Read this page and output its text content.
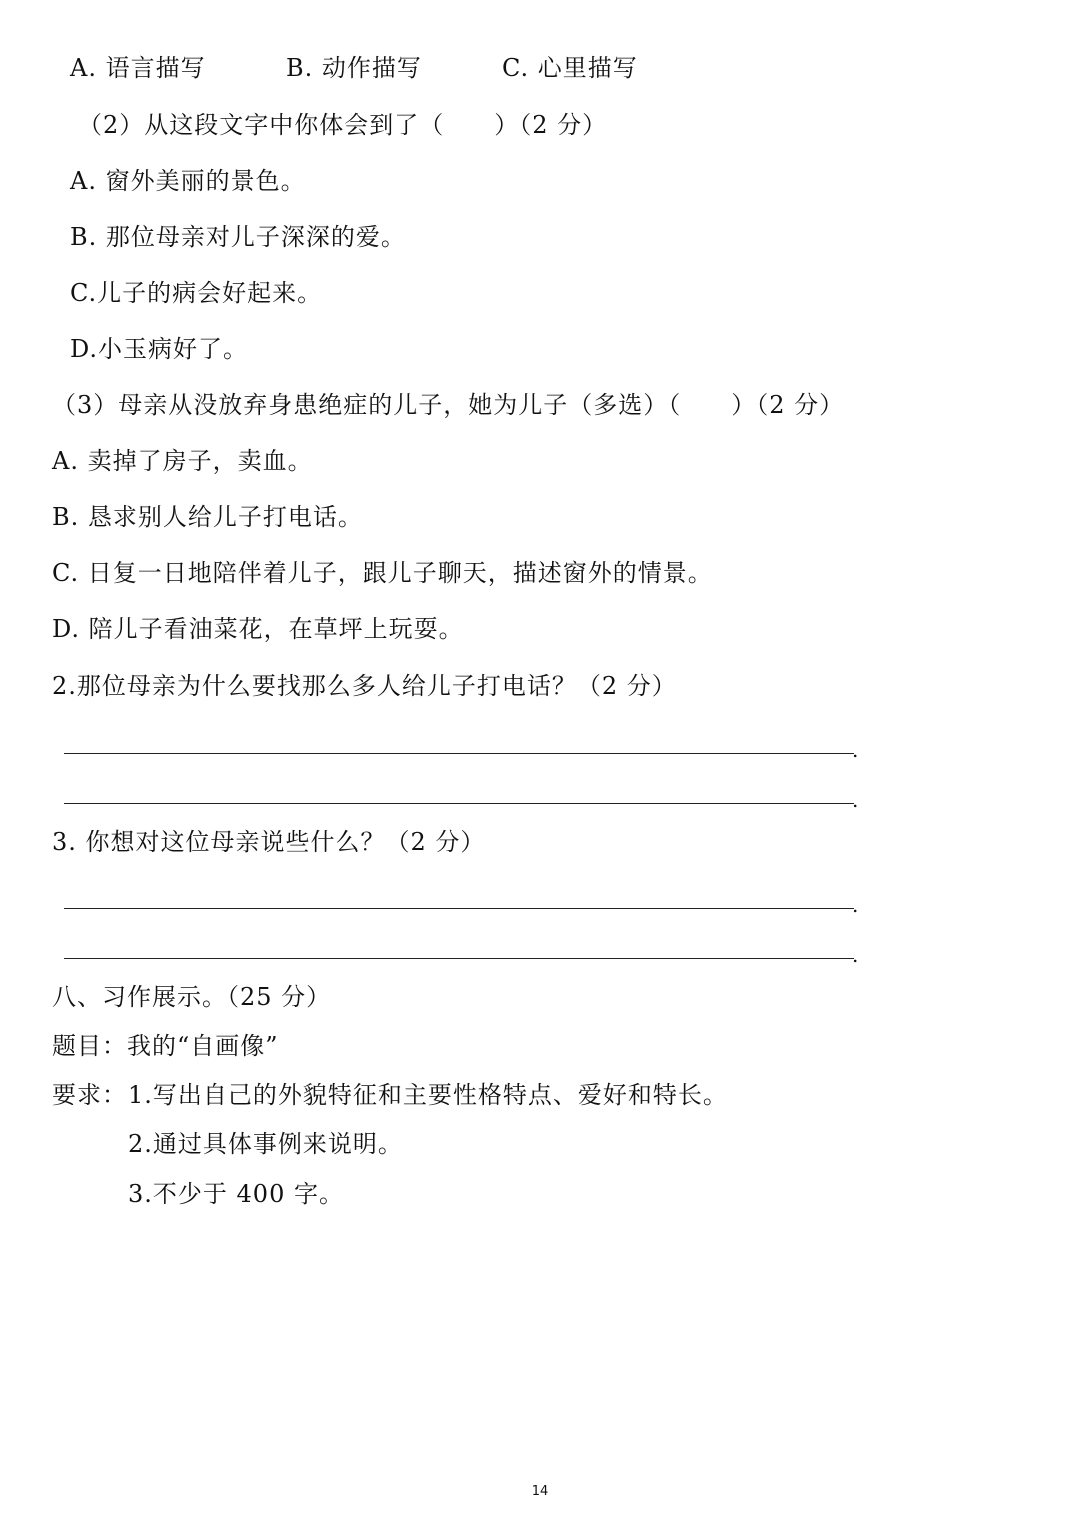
A. 语言描写	B. 动作描写	C. 心里描写
（2）从这段文字中你体会到了（　　）（2 分）
A. 窗外美丽的景色。
B. 那位母亲对儿子深深的爱。
C.儿子的病会好起来。
D.小玉病好了。
（3）母亲从没放弃身患绝症的儿子，她为儿子（多选）（　　）（2 分）
A. 卖掉了房子，卖血。
B. 恳求别人给儿子打电话。
C. 日复一日地陪伴着儿子，跟儿子聊天，描述窗外的情景。
D. 陪儿子看油菜花，在草坪上玩耍。
2.那位母亲为什么要找那么多人给儿子打电话？（2 分）
.
.
3. 你想对这位母亲说些什么？（2 分）
.
.
八、习作展示。（25 分）
题目：我的“自画像”
要求： 1.写出自己的外貌特征和主要性格特点、爱好和特长。
2.通过具体事例来说明。
3.不少于 400 字。
14
